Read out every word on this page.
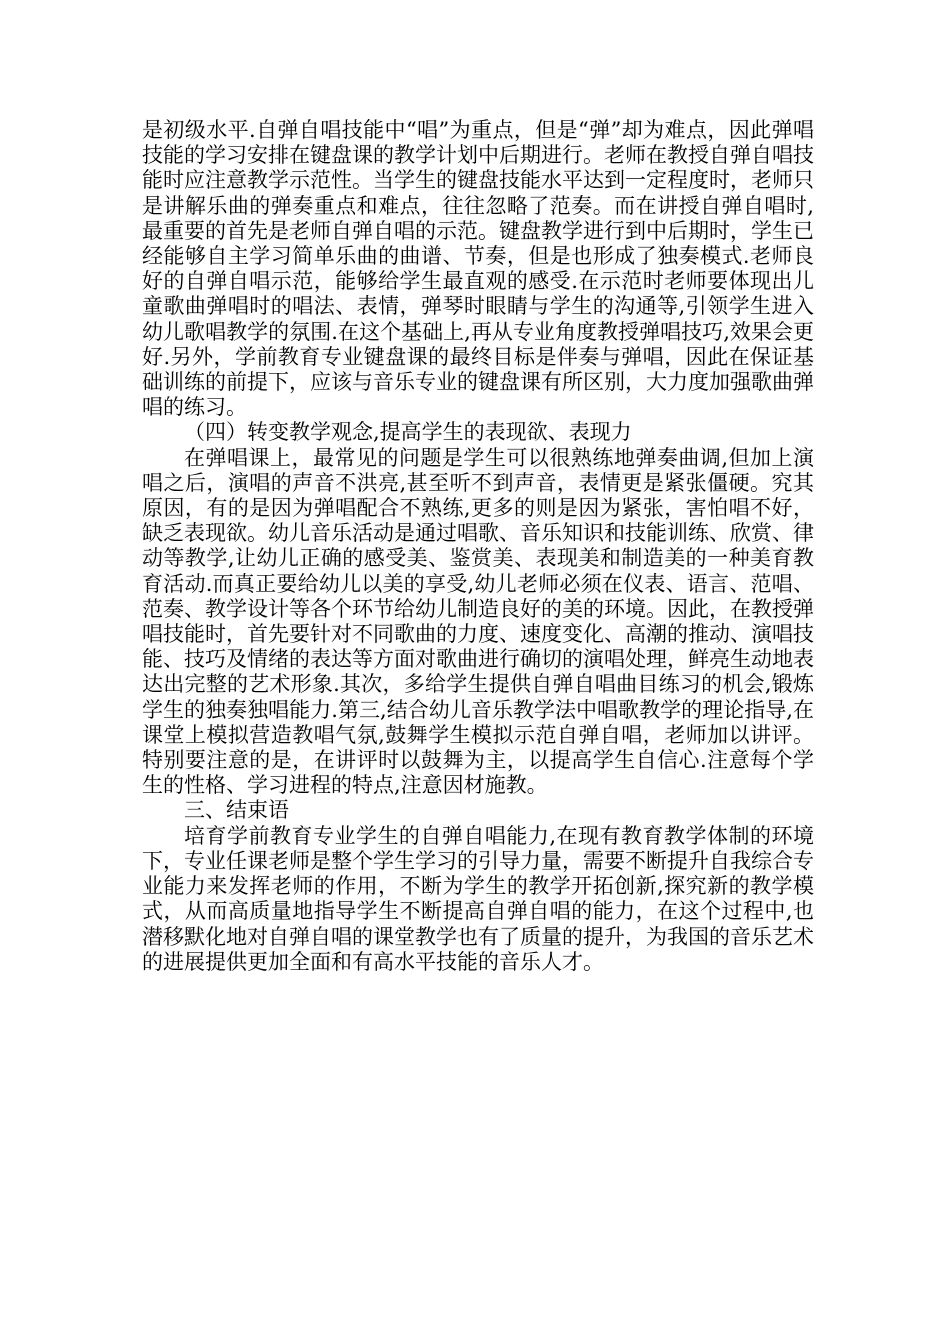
是初级水平.自弹自唱技能中“唱”为重点，但是“弹”却为难点，因此弹唱技能的学习安排在键盘课的教学计划中后期进行。老师在教授自弹自唱技能时应注意教学示范性。当学生的键盘技能水平达到一定程度时，老师只是讲解乐曲的弹奏重点和难点，往往忽略了范奏。而在讲授自弹自唱时,最重要的首先是老师自弹自唱的示范。键盘教学进行到中后期时，学生已经能够自主学习简单乐曲的曲谱、节奏，但是也形成了独奏模式.老师良好的自弹自唱示范，能够给学生最直观的感受.在示范时老师要体现出儿童歌曲弹唱时的唱法、表情，弹琴时眼睛与学生的沟通等,引领学生进入幼儿歌唱教学的氛围.在这个基础上,再从专业角度教授弹唱技巧,效果会更好.另外，学前教育专业键盘课的最终目标是伴奏与弹唱，因此在保证基础训练的前提下，应该与音乐专业的键盘课有所区别，大力度加强歌曲弹唱的练习。

（四）转变教学观念,提高学生的表现欲、表现力

在弹唱课上，最常见的问题是学生可以很熟练地弹奏曲调,但加上演唱之后，演唱的声音不洪亮,甚至听不到声音，表情更是紧张僵硬。究其原因，有的是因为弹唱配合不熟练,更多的则是因为紧张，害怕唱不好，缺乏表现欲。幼儿音乐活动是通过唱歌、音乐知识和技能训练、欣赏、律动等教学,让幼儿正确的感受美、鉴赏美、表现美和制造美的一种美育教育活动.而真正要给幼儿以美的享受,幼儿老师必须在仪表、语言、范唱、范奏、教学设计等各个环节给幼儿制造良好的美的环境。因此，在教授弹唱技能时，首先要针对不同歌曲的力度、速度变化、高潮的推动、演唱技能、技巧及情绪的表达等方面对歌曲进行确切的演唱处理，鲜亮生动地表达出完整的艺术形象.其次，多给学生提供自弹自唱曲目练习的机会,锻炼学生的独奏独唱能力.第三,结合幼儿音乐教学法中唱歌教学的理论指导,在课堂上模拟营造教唱气氛,鼓舞学生模拟示范自弹自唱，老师加以讲评。特别要注意的是，在讲评时以鼓舞为主，以提高学生自信心.注意每个学生的性格、学习进程的特点,注意因材施教。

三、结束语

培育学前教育专业学生的自弹自唱能力,在现有教育教学体制的环境下，专业任课老师是整个学生学习的引导力量，需要不断提升自我综合专业能力来发挥老师的作用，不断为学生的教学开拓创新,探究新的教学模式，从而高质量地指导学生不断提高自弹自唱的能力，在这个过程中,也潜移默化地对自弹自唱的课堂教学也有了质量的提升，为我国的音乐艺术的进展提供更加全面和有高水平技能的音乐人才。
